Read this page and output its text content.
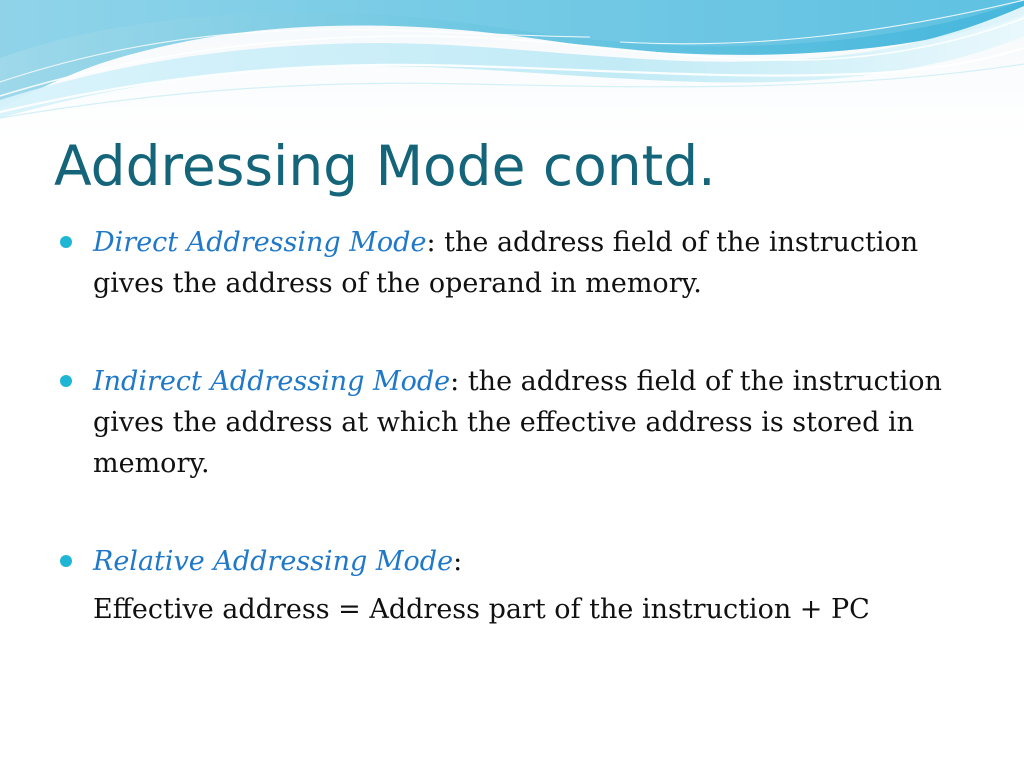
Addressing Mode contd.
Direct Addressing Mode: the address field of the instruction gives the address of the operand in memory.
Indirect Addressing Mode: the address field of the instruction gives the address at which the effective address is stored in memory.
Relative Addressing Mode:
Effective address = Address part of the instruction + PC
